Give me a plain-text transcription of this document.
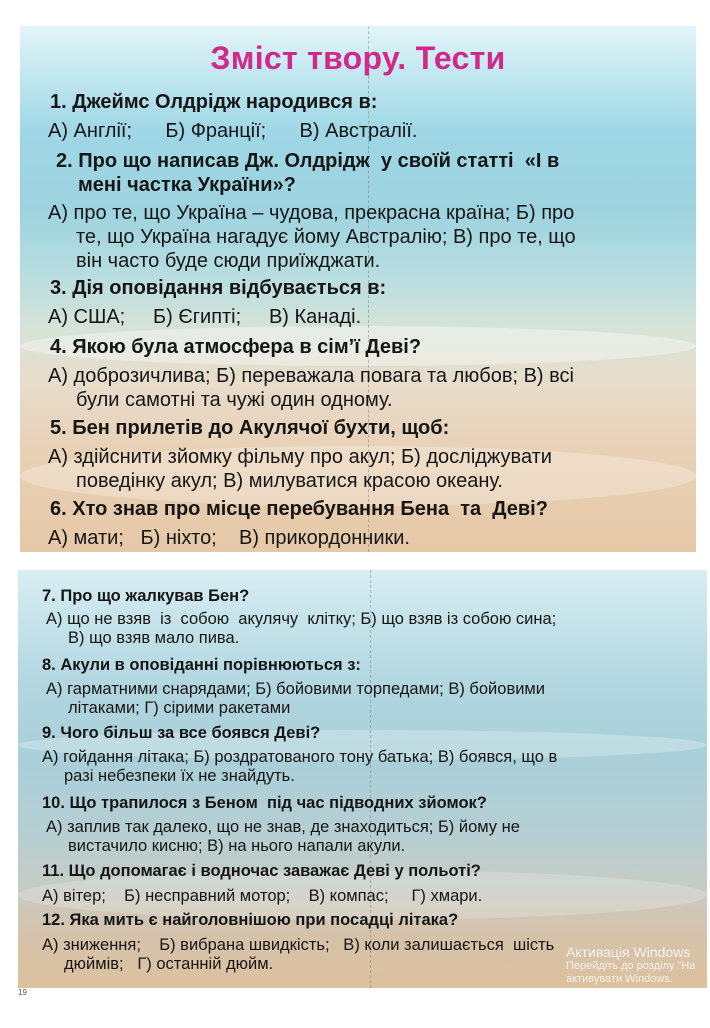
Зміст твору. Тести
1. Джеймс Олдрідж народився в:
А) Англії;      Б) Франції;      В) Австралії.
2. Про що написав Дж. Олдрідж  у своїй статті  «І в
мені частка України»?
А) про те, що Україна – чудова, прекрасна країна; Б) про
те, що Україна нагадує йому Австралію; В) про те, що
він часто буде сюди приїжджати.
3. Дія оповідання відбувається в:
А) США;     Б) Єгипті;     В) Канаді.
4. Якою була атмосфера в сім’ї Деві?
А) доброзичлива; Б) переважала повага та любов; В) всі
були самотні та чужі один одному.
5. Бен прилетів до Акулячої бухти, щоб:
А) здійснити зйомку фільму про акул; Б) досліджувати
поведінку акул; В) милуватися красою океану.
6. Хто знав про місце перебування Бена  та  Деві?
А) мати;   Б) ніхто;    В) прикордонники.
7. Про що жалкував Бен?
А) що не взяв  із  собою  акулячу  клітку; Б) що взяв із собою сина;
В) що взяв мало пива.
8. Акули в оповіданні порівнюються з:
А) гарматними снарядами; Б) бойовими торпедами; В) бойовими
літаками; Г) сірими ракетами
9. Чого більш за все боявся Деві?
А) гойдання літака; Б) роздратованого тону батька; В) боявся, що в
разі небезпеки їх не знайдуть.
10. Що трапилося з Беном  під час підводних зйомок?
А) заплив так далеко, що не знав, де знаходиться; Б) йому не
вистачило кисню; В) на нього напали акули.
11. Що допомагає і водночас заважає Деві у польоті?
А) вітер;    Б) несправний мотор;    В) компас;     Г) хмари.
12. Яка мить є найголовнішою при посадці літака?
А) зниження;    Б) вибрана швидкість;   В) коли залишається  шість
дюймів;   Г) останній дюйм.
Активація Windows
Перейдіть до розділу "На
активувати Windows.
19
